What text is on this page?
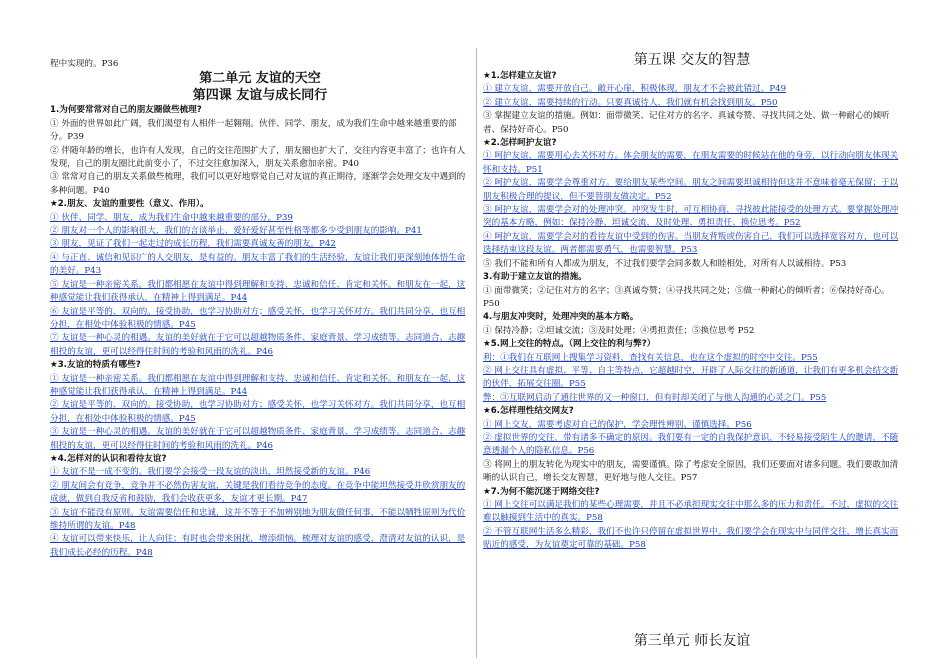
程中实现的。P36

第二单元 友谊的天空
第四课 友谊与成长同行

1.为何要常常对自己的朋友圈做些梳理?

① 外面的世界如此广阔，我们渴望有人相伴一起翱翔。伙伴、同学、朋友，成为我们生命中越来越重要的部分。P39

② 伴随年龄的增长，也许有人发现，自己的交往范围扩大了，朋友圈也扩大了，交往内容更丰富了；也许有人发现，自己的朋友圈比此前变小了，不过交往愈加深入，朋友关系愈加亲密。P40

③ 常常对自己的朋友关系做些梳理，我们可以更好地察觉自己对友谊的真正期待，逐渐学会处理交友中遇到的多种问题。P40

★2.朋友、友谊的重要性（意义、作用）。

① 伙伴、同学、朋友，成为我们生命中越来越重要的部分。P39

② 朋友对一个人的影响很大，我们的言谈举止、爱好爱好甚至性格等都多少受到朋友的影响。P41

③ 朋友，见证了我们一起走过的成长历程，我们需要真诚友善的朋友。P42

④ 与正直、诚信和见识广的人交朋友，是有益的。朋友丰富了我们的生活经验，友谊让我们更深刻地体悟生命的美好。P43

⑤ 友谊是一种亲密关系。我们都相愿在友谊中得到理解和支持、忠诚和信任、肯定和关怀。和朋友在一起，这种感觉能让我们获得承认，在精神上得到满足。P44

⑥ 友谊是平等的、双向的。接受协助，也学习协助对方；感受关怀，也学习关怀对方。我们共同分享，也互相分担，在相处中体验积极的情感。P45

⑦ 友谊是一种心灵的相遇。友谊的美好就在于它可以超越物质条件、家庭背景、学习成绩等。志同道合、志趣相投的友谊，更可以经得住时间的考验和风雨的洗礼。P46

★3.友谊的特质有哪些?

① 友谊是一种亲密关系。我们都相愿在友谊中得到理解和支持、忠诚和信任、肯定和关怀。和朋友在一起，这种感觉能让我们获得承认，在精神上得到满足。P44

② 友谊是平等的、双向的。接受协助，也学习协助对方；感受关怀，也学习关怀对方。我们共同分享，也互相分担，在相处中体验积极的情感。P45

③ 友谊是一种心灵的相遇。友谊的美好就在于它可以超越物质条件、家庭背景、学习成绩等。志同道合、志趣相投的友谊，更可以经得住时间的考验和风雨的洗礼。P46

★4.怎样对的认识和看待友谊?

① 友谊不是一成不变的。我们要学会接受一段友谊的淡出，坦然接受新的友谊。P46

② 朋友间会有竞争，竞争并不必然伤害友谊，关键是我们看待竞争的态度。在竞争中能坦然接受并欣赏朋友的成就，做到自我反省和鼓励，我们会收获更多，友谊才更长期。P47

③ 友谊不能没有原则。友谊需要信任和忠诚，这并不等于不加辨别地为朋友做任何事，不能以牺牲原则为代价维持所谓的友谊。P48

④ 友谊可以带来快乐，让人向往；有时也会带来困扰，增添烦恼。梳理对友谊的感受，澄清对友谊的认识，是我们成长必经的历程。P48

第五课 交友的智慧

★1.怎样建立友谊?

① 建立友谊，需要开放自己。敞开心扉，积极体现，朋友才不会被此错过。P49

② 建立友谊，需要持续的行动。只要真诚待人，我们就有机会找到朋友。P50

③ 掌握建立友谊的措施。例如：面带微笑、记住对方的名字、真诚夸赞、寻找共同之处、做一种耐心的倾听者、保持好奇心。P50

★2.怎样呵护友谊?

① 呵护友谊，需要用心去关怀对方。体会朋友的需要，在朋友需要的时候站在他的身旁，以行动向朋友体现关怀和支持。P51

② 呵护友谊，需要学会尊重对方。要给朋友某些空间。朋友之间需要坦诚相待但这并不意味着毫无保留；于以朋友积极合理的提议，但不要替朋友做决定。P52

③ 呵护友谊，需要学会对的处理冲突。冲突发生时，可互相协商，寻找彼此能接受的处理方式。要掌握处理冲突的基本方略，例如：保持冷静、坦诚交流、及时处理、勇担责任、换位思考。P52

④ 呵护友谊，需要学会对的看待友谊中受到的伤害。当朋友背叛或伤害自己，我们可以选择宽容对方，也可以选择结束这段友谊。两者都需要勇气，也需要智慧。P53

⑤ 我们不能和所有人都成为朋友，不过我们要学会同多数人和睦相处，对所有人以诚相待。P53

3.有助于建立友谊的措施。

① 面带微笑；②记住对方的名字；③真诚夸赞；④寻找共同之处；⑤做一种耐心的倾听者；⑥保持好奇心。P50

4.与朋友冲突时，处理冲突的基本方略。

① 保持冷静；②坦诚交流；③及时处理；④勇担责任；⑤换位思考 P52

★5.网上交往的特点。（网上交往的利与弊?）

利：①我们在互联网上搜集学习资料，查找有关信息，也在这个虚拟的时空中交往。P55

② 网上交往具有虚拟、平等、自主等特点，它超越时空，开辟了人际交往的新通道，让我们有更多机会结交新的伙伴，拓展交往圈。P55

弊：③互联网启动了通往世界的又一种窗口，但有时却关闭了与他人沟通的心灵之门。P55

★6.怎样理性结交网友?

① 网上交友，需要考虑对自己的保护，学会理性辨别、谨慎选择。P56

② 虚拟世界的交往，带有诸多不确定的原因。我们要有一定的自我保护意识，不轻易接受陌生人的邀请，不随意透漏个人的隐私信息。P56

③ 将网上的朋友转化为现实中的朋友，需要谨慎。除了考虑安全原因，我们还要面对诸多问题。我们要敢加清晰的认识自己，增长交友智慧，更好地与他人交往。P57

★7.为何不能沉迷于网络交往?

① 网上交往可以满足我们的某些心理需要，并且不必承担现实交往中那么多的压力和责任。不过，虚拟的交往难以触摸到生活中的真实。P58

② 不管互联网生活多么精彩，我们不也许只停留在虚拟世界中。我们要学会在现实中与同伴交往，增长真实而贴近的感受，为友谊奠定可靠的基础。P58

第三单元 师长友谊
